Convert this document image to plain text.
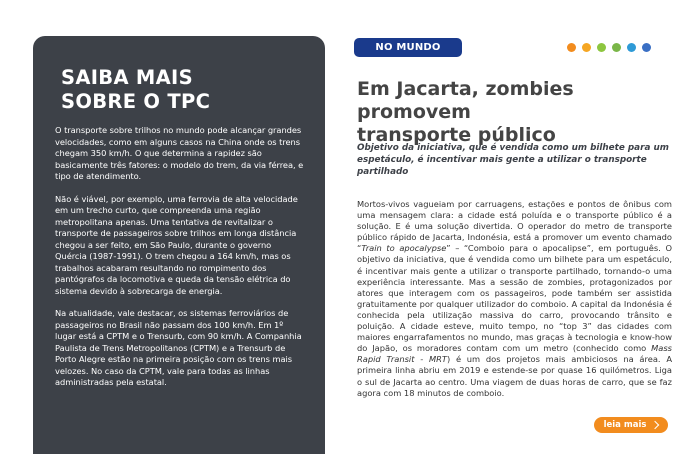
SAIBA MAIS
SOBRE O TPC

O transporte sobre trilhos no mundo pode alcançar grandes velocidades, como em alguns casos na China onde os trens chegam 350 km/h. O que determina a rapidez são basicamente três fatores: o modelo do trem, da via férrea, e tipo de atendimento.

Não é viável, por exemplo, uma ferrovia de alta velocidade em um trecho curto, que compreenda uma região metropolitana apenas. Uma tentativa de revitalizar o transporte de passageiros sobre trilhos em longa distância chegou a ser feito, em São Paulo, durante o governo Quércia (1987-1991). O trem chegou a 164 km/h, mas os trabalhos acabaram resultando no rompimento dos pantógrafos da locomotiva e queda da tensão elétrica do sistema devido à sobrecarga de energia.

Na atualidade, vale destacar, os sistemas ferroviários de passageiros no Brasil não passam dos 100 km/h. Em 1º lugar está a CPTM e o Trensurb, com 90 km/h. A Companhia Paulista de Trens Metropolitanos (CPTM) e a Trensurb de Porto Alegre estão na primeira posição com os trens mais velozes. No caso da CPTM, vale para todas as linhas administradas pela estatal.

NO MUNDO
Em Jacarta, zombies promovem
transporte público

Objetivo da iniciativa, que é vendida como um bilhete para um espetáculo, é incentivar mais gente a utilizar o transporte partilhado

Mortos-vivos vagueiam por carruagens, estações e pontos de ônibus com uma mensagem clara: a cidade está poluída e o transporte público é a solução. E é uma solução divertida. O operador do metro de transporte público rápido de Jacarta, Indonésia, está a promover um evento chamado “Train to apocalypse” – “Comboio para o apocalipse”, em português. O objetivo da iniciativa, que é vendida como um bilhete para um espetáculo, é incentivar mais gente a utilizar o transporte partilhado, tornando-o uma experiência interessante. Mas a sessão de zombies, protagonizados por atores que interagem com os passageiros, pode também ser assistida gratuitamente por qualquer utilizador do comboio. A capital da Indonésia é conhecida pela utilização massiva do carro, provocando trânsito e poluição. A cidade esteve, muito tempo, no “top 3” das cidades com maiores engarrafamentos no mundo, mas graças à tecnologia e know-how do Japão, os moradores contam com um metro (conhecido como Mass Rapid Transit - MRT) é um dos projetos mais ambiciosos na área. A primeira linha abriu em 2019 e estende-se por quase 16 quilómetros. Liga o sul de Jacarta ao centro. Uma viagem de duas horas de carro, que se faz agora com 18 minutos de comboio.

leia mais
